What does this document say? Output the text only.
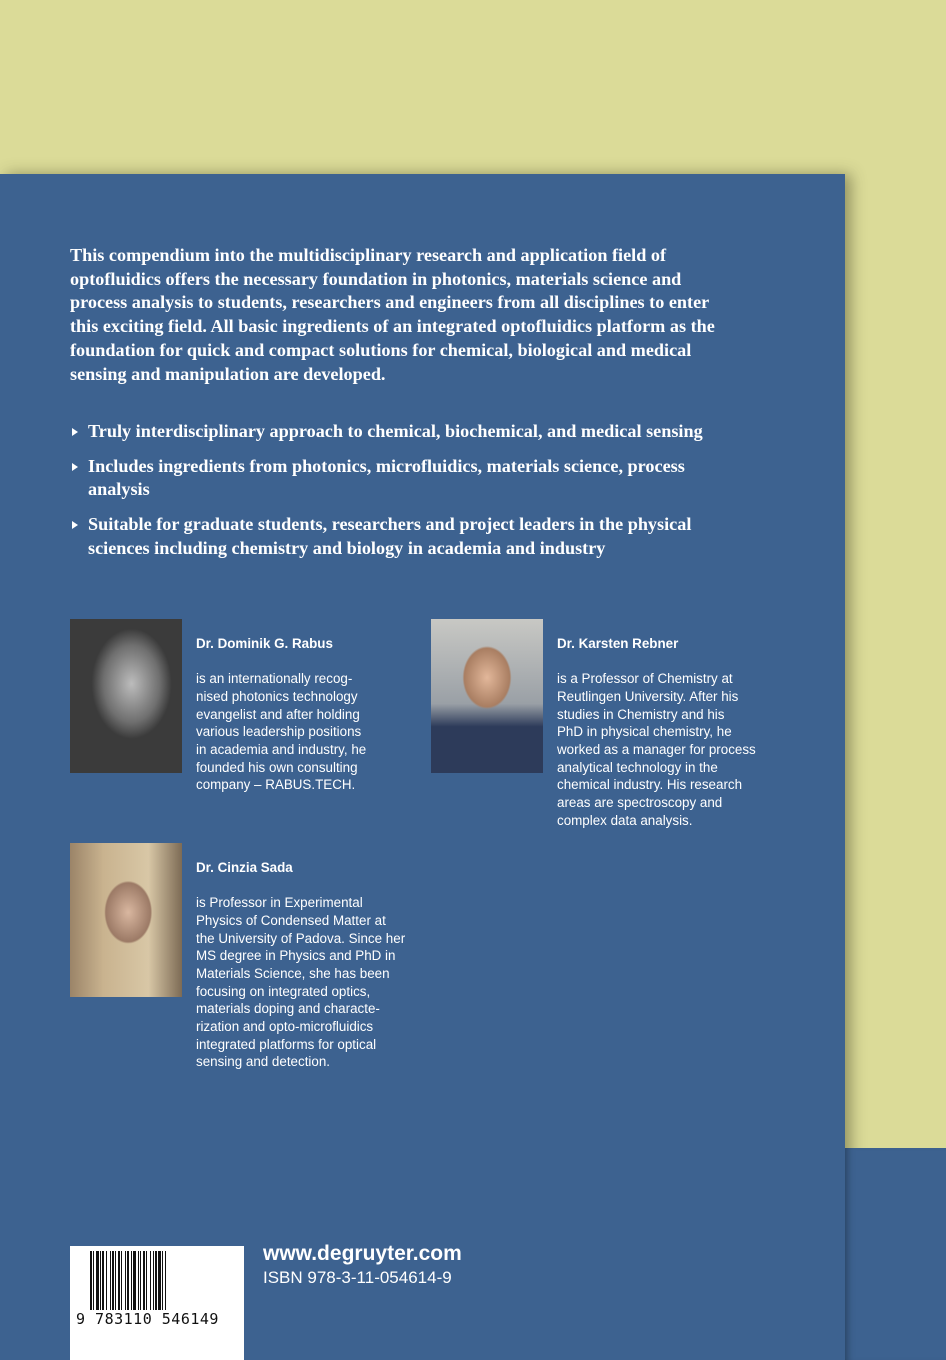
This compendium into the multidisciplinary research and application field of
optofluidics offers the necessary foundation in photonics, materials science and
process analysis to students, researchers and engineers from all disciplines to enter
this exciting field. All basic ingredients of an integrated optofluidics platform as the
foundation for quick and compact solutions for chemical, biological and medical
sensing and manipulation are developed.
Truly interdisciplinary approach to chemical, biochemical, and medical sensing
Includes ingredients from photonics, microfluidics, materials science, process
analysis
Suitable for graduate students, researchers and project leaders in the physical
sciences including chemistry and biology in academia and industry

Dr. Dominik G. Rabus

is an internationally recog-
nised photonics technology
evangelist and after holding
various leadership positions
in academia and industry, he
founded his own consulting
company – RABUS.TECH.

Dr. Karsten Rebner

is a Professor of Chemistry at
Reutlingen University. After his
studies in Chemistry and his
PhD in physical chemistry, he
worked as a manager for process
analytical technology in the
chemical industry. His research
areas are spectroscopy and
complex data analysis.

Dr. Cinzia Sada

is Professor in Experimental
Physics of Condensed Matter at
the University of Padova. Since her
MS degree in Physics and PhD in
Materials Science, she has been
focusing on integrated optics,
materials doping and characte-
rization and opto-microfluidics
integrated platforms for optical
sensing and detection.

9 783110 546149
www.degruyter.com
ISBN 978-3-11-054614-9
